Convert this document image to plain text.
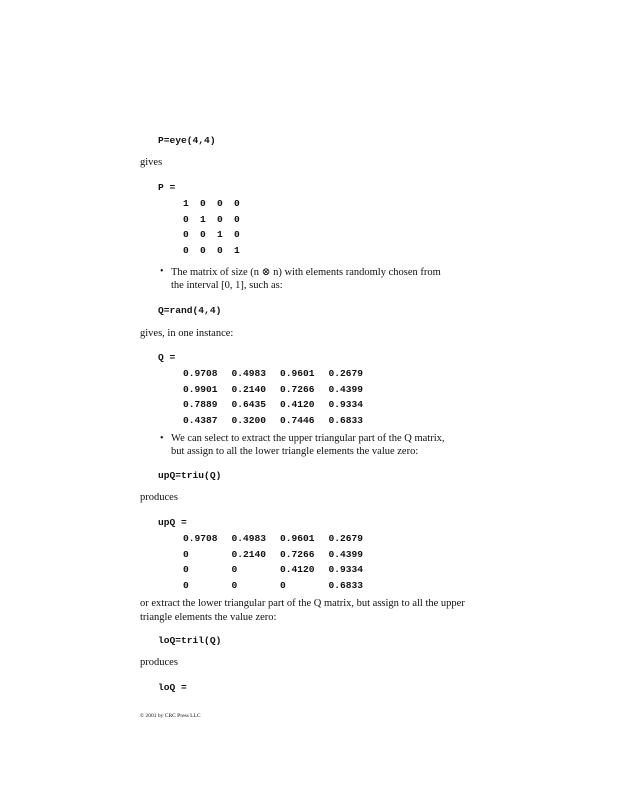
P=eye(4,4)
gives
P =
1 0 0 0
0 1 0 0
0 0 1 0
0 0 0 1
• The matrix of size (n ⊗ n) with elements randomly chosen from
the interval [0, 1], such as:
Q=rand(4,4)
gives, in one instance:
Q =
0.9708 0.4983 0.9601 0.2679
0.9901 0.2140 0.7266 0.4399
0.7889 0.6435 0.4120 0.9334
0.4387 0.3200 0.7446 0.6833
• We can select to extract the upper triangular part of the Q matrix,
but assign to all the lower triangle elements the value zero:
upQ=triu(Q)
produces
upQ =
0.9708 0.4983 0.9601 0.2679
0	0.2140 0.7266 0.4399
0	0	0.4120 0.9334
0	0	0	0.6833
or extract the lower triangular part of the Q matrix, but assign to all the upper
triangle elements the value zero:
loQ=tril(Q)
produces
loQ =
© 2001 by CRC Press LLC
